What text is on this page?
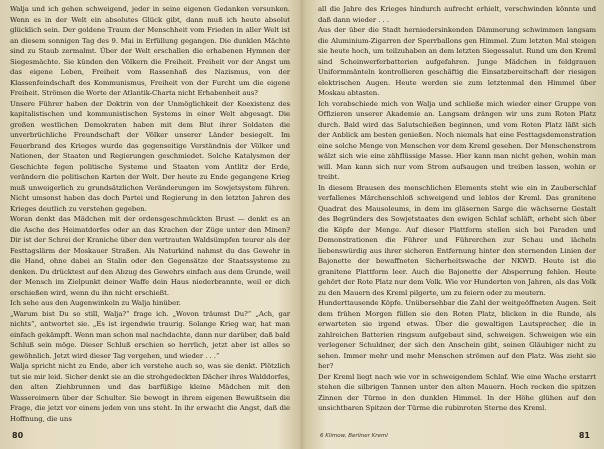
Walja und ich gehen schweigend, jeder in seine eigenen Gedanken versunken. Wenn es in der Welt ein absolutes Glück gibt, dann muß ich heute absolut glücklich sein. Der goldene Traum der Menschheit vom Frieden in aller Welt ist an diesem sonnigen Tag des 9. Mai in Erfüllung gegangen. Die dunklen Mächte sind zu Staub zermalmt. Über der Welt erschallen die erhabenen Hymnen der Siegesmächte. Sie künden den Völkern die Freiheit. Freiheit vor der Angst um das eigene Leben, Freiheit vom Rassenhaß des Nazismus, von der Klassenfeindschaft des Kommunismus, Freiheit von der Furcht um die eigene Freiheit. Strömen die Worte der Atlantik-Charta nicht Erhabenheit aus?

Unsere Führer haben der Doktrin von der Unmöglichkeit der Koexistenz des kapitalistischen und kommunistischen Systems in einer Welt abgesagt. Die großen westlichen Demokraten haben mit dem Blut ihrer Soldaten die unverbrüchliche Freundschaft der Völker unserer Länder besiegelt. Im Feuerbrand des Krieges wurde das gegenseitige Verständnis der Völker und Nationen, der Staaten und Regierungen geschmiedet. Solche Katalysmen der Geschichte fegen politische Systeme und Staaten vom Antlitz der Erde, verändern die politischen Karten der Welt. Der heute zu Ende gegangene Krieg muß unweigerlich zu grundsätzlichen Veränderungen im Sowjetsystem führen. Nicht umsonst haben das doch Partei und Regierung in den letzten Jahren des Krieges deutlich zu verstehen gegeben.

Woran denkt das Mädchen mit der ordensgeschmückten Brust — denkt es an die Asche des Heimatdorfes oder an das Krachen der Züge unter den Minen? Dir ist der Schrei der Kraniche über den vertrauten Waldsümpfen teurer als der Festtagslärm der Moskauer Straßen. Als Naturkind nahmst du das Gewehr in die Hand, ohne dabei an Stalin oder den Gegensätze der Staatssysteme zu denken. Du drücktest auf den Abzug des Gewehrs einfach aus dem Grunde, weil der Mensch im Zielpunkt deiner Waffe dein Haus niederbrannte, weil er dich erschießen wird, wenn du ihn nicht erschießt.

Ich sehe aus den Augenwinkeln zu Walja hinüber.

„Warum bist Du so still, Walja?“ frage ich. „Wovon träumst Du?“ „Ach, gar nichts“, antwortet sie. „Es ist irgendwie traurig. Solange Krieg war, hat man einfach gekämpft. Wenn man schon mal nachdachte, dann nur darüber, daß bald Schluß sein möge. Dieser Schluß erschien so herrlich, jetzt aber ist alles so gewöhnlich. Jetzt wird dieser Tag vergehen, und wieder . . .“

Walja spricht nicht zu Ende, aber ich verstehe auch so, was sie denkt. Plötzlich tut sie mir leid. Sicher denkt sie an die strohgedeckten Dächer ihres Walddorfes, den alten Ziehbrunnen und das barfüßige kleine Mädchen mit den Wassereimern über der Schulter. Sie bewegt in ihrem eigenen Bewußtsein die Frage, die jetzt vor einem jeden von uns steht. In ihr erwacht die Angst, daß die Hoffnung, die uns

80

all die Jahre des Krieges hindurch aufrecht erhielt, verschwinden könnte und daß dann wieder . . .

Aus der über die Stadt herniedersinkenden Dämmerung schwimmen langsam die Aluminium-Zigarren der Sperrballons gen Himmel. Zum letzten Mal steigen sie heute hoch, um teilzuhaben an dem letzten Siegessalut. Rund um den Kreml sind Scheinwerferbatterien aufgefahren. Junge Mädchen in feldgrauen Uniformmänteln kontrollieren geschäftig die Einsatzbereitschaft der riesigen elektrischen Augen. Heute werden sie zum letztenmal den Himmel über Moskau abtasten.

Ich vorabschiede mich von Walja und schließe mich wieder einer Gruppe von Offizieren unserer Akademie an. Langsam drängen wir uns zum Roten Platz durch. Bald wird das Salutschießen beginnen, und vom Roten Platz läßt sich der Anblick am besten genießen. Noch niemals hat eine Festtagsdemonstration eine solche Menge von Menschen vor dem Kreml gesehen. Der Menschenstrom wälzt sich wie eine zähflüssige Masse. Hier kann man nicht gehen, wohin man will. Man kann sich nur vom Strom aufsaugen und treiben lassen, wohin er treibt.

In diesem Brausen des menschlichen Elements steht wie ein in Zauberschlaf verfallenes Märchenschloß schweigend und leblos der Kreml. Das granitene Quadrat des Mausoleums, in dem im gläsernen Sarge die wächserne Gestalt des Begründers des Sowjetstaates den ewigen Schlaf schläft, erhebt sich über die Köpfe der Menge. Auf dieser Plattform stellen sich bei Paraden und Demonstrationen die Führer und Führerchen zur Schau und lächeln liebenswürdig aus ihrer sicheren Entfernung hinter den sternenden Linien der Bajonette der bewaffneten Sicherheitswache der NKWD. Heute ist die granitene Plattform leer. Auch die Bajonette der Absperrung fehlen. Heute gehört der Rote Platz nur dem Volk. Wie vor Hunderten von Jahren, als das Volk zu den Mauern des Kreml pilgerte, um zu feiern oder zu meutern.

Hunderttausende Köpfe. Unübersehbar die Zahl der weitgeöffneten Augen. Seit dem frühen Morgen füllen sie den Roten Platz, blicken in die Runde, als erwarteten sie irgend etwas. Über die gewaltigen Lautsprecher, die in zahlreichen Batterien ringsum aufgebaut sind, schweigen. Schweigen wie ein verlegener Schuldner, der sich den Anschein gibt, seinen Gläubiger nicht zu sehen. Immer mehr und mehr Menschen strömen auf den Platz. Was zieht sie her?

Der Kreml liegt nach wie vor in schweigendem Schlaf. Wie eine Wache erstarrt stehen die silbrigen Tannen unter den alten Mauern. Hoch recken die spitzen Zinnen der Türme in den dunklen Himmel. In der Höhe glühen auf den unsichtbaren Spitzen der Türme die rubinroten Sterne des Kreml.

6 Klimow, Berliner Kreml	81
